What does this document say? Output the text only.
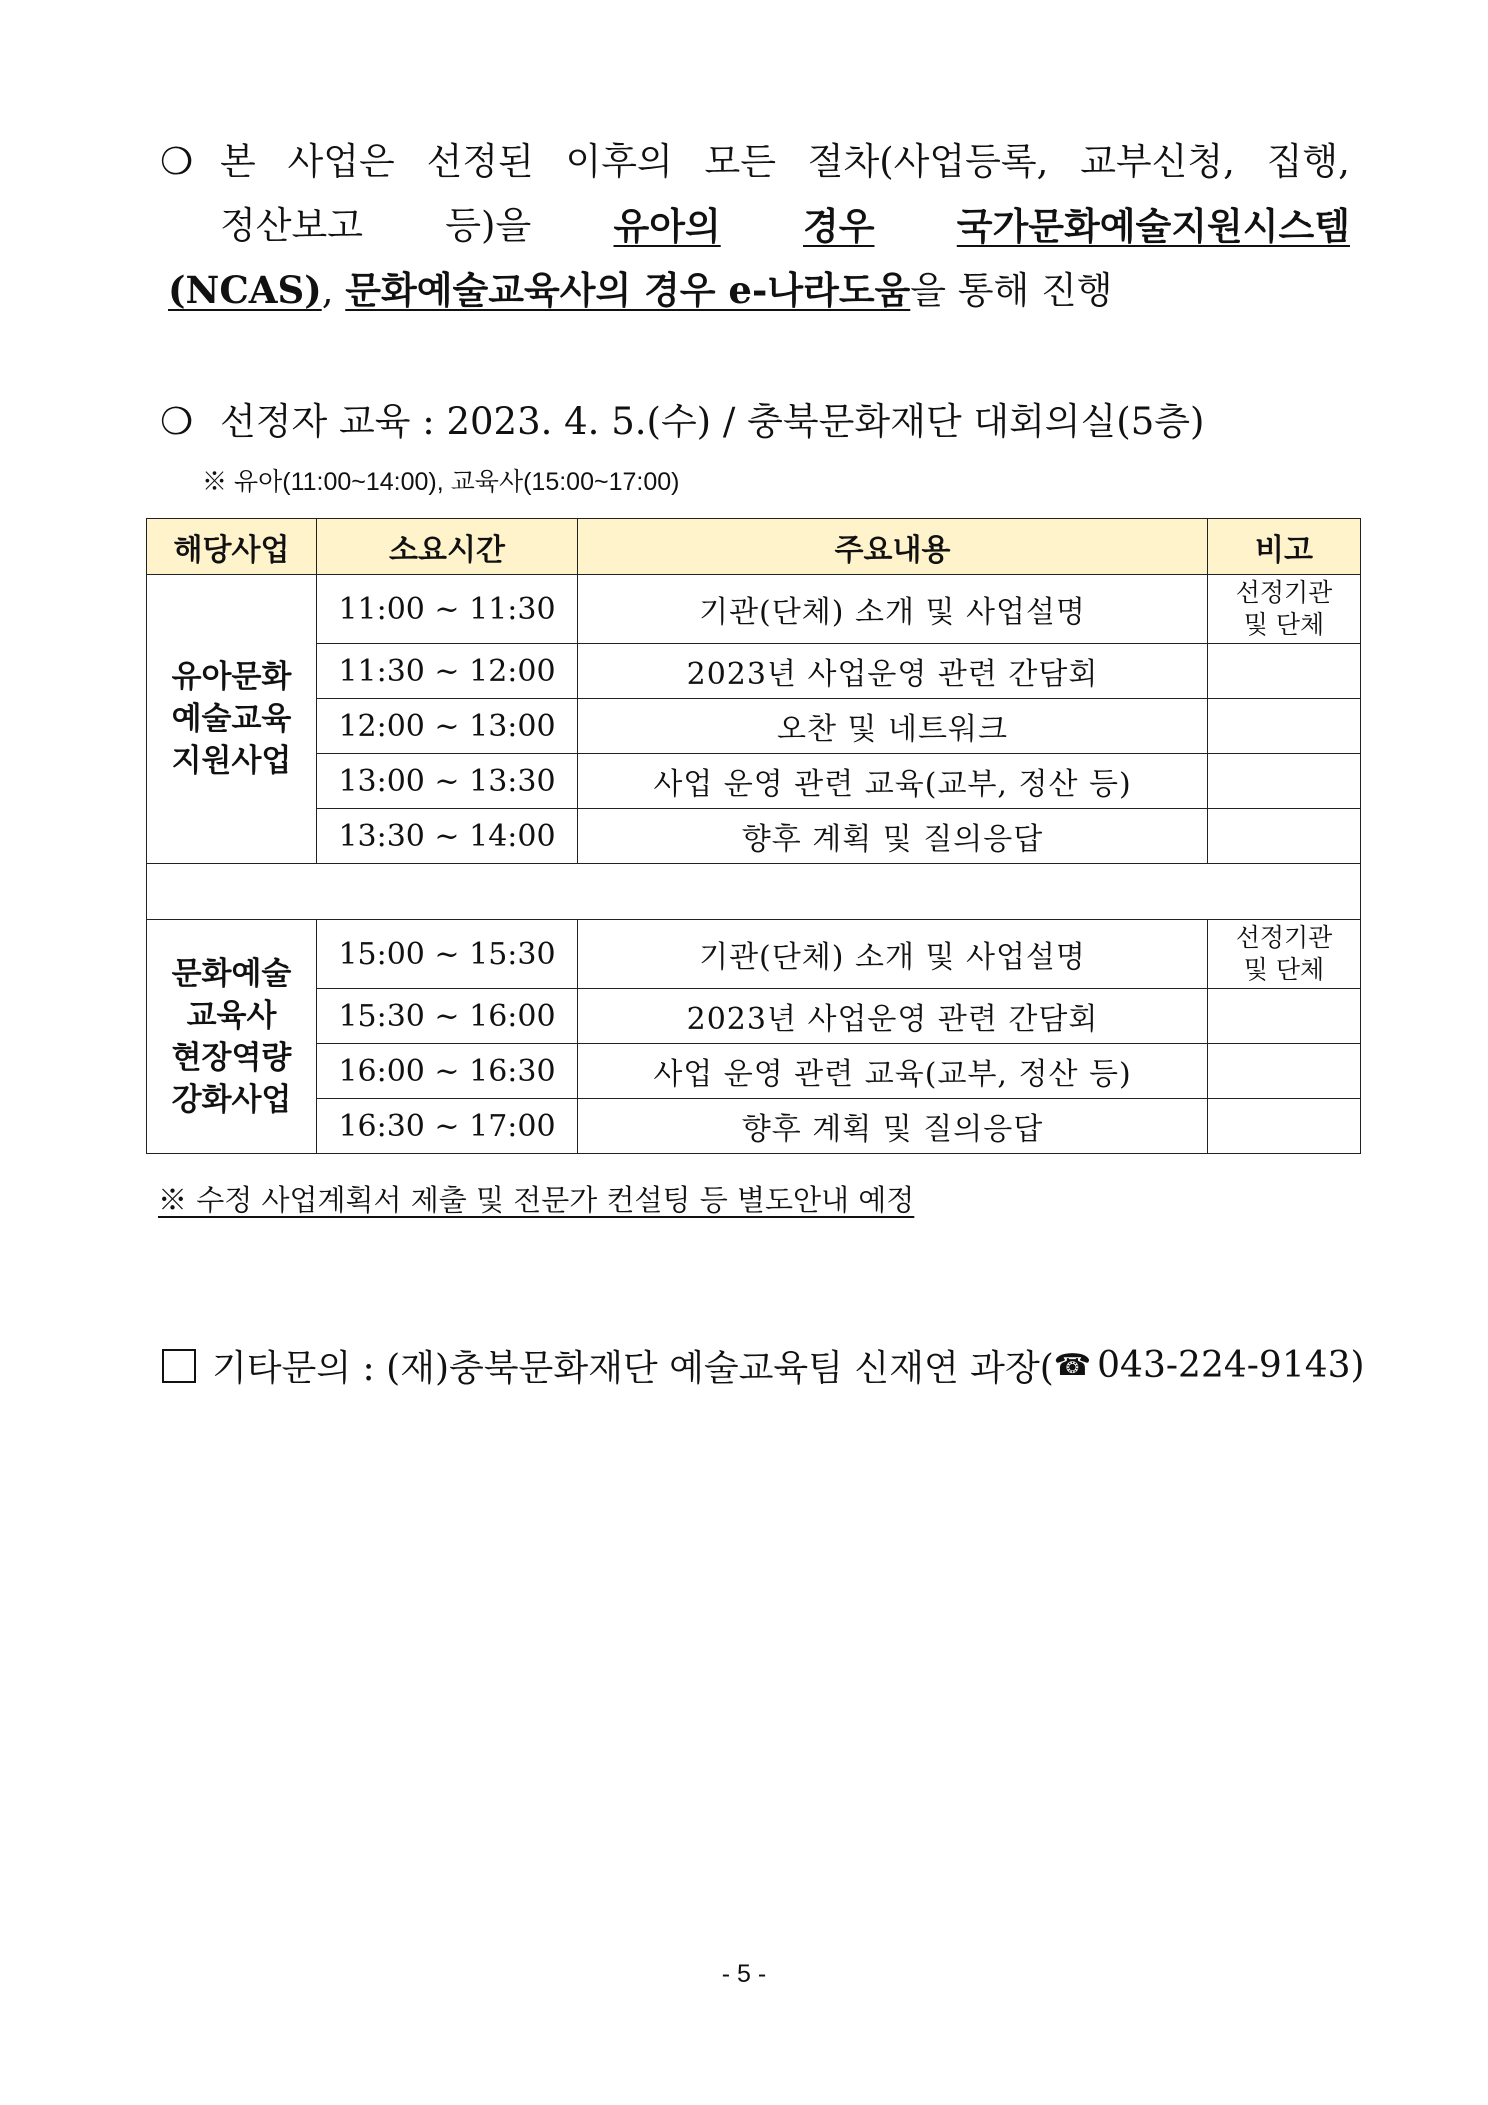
❍ 본 사업은 선정된 이후의 모든 절차(사업등록, 교부신청, 집행,
정산보고 등)을 유아의 경우 국가문화예술지원시스템
(NCAS), 문화예술교육사의 경우 e-나라도움을 통해 진행
❍ 선정자 교육 : 2023. 4. 5.(수) / 충북문화재단 대회의실(5층)
※ 유아(11:00~14:00), 교육사(15:00~17:00)
해당사업	소요시간	주요내용	비고
유아문화
예술교육
지원사업	11:00 ~ 11:30	기관(단체) 소개 및 사업설명	선정기관
및 단체
	11:30 ~ 12:00	2023년 사업운영 관련 간담회	
	12:00 ~ 13:00	오찬 및 네트워크	
	13:00 ~ 13:30	사업 운영 관련 교육(교부, 정산 등)	
	13:30 ~ 14:00	향후 계획 및 질의응답	

문화예술
교육사
현장역량
강화사업	15:00 ~ 15:30	기관(단체) 소개 및 사업설명	선정기관
및 단체
	15:30 ~ 16:00	2023년 사업운영 관련 간담회	
	16:00 ~ 16:30	사업 운영 관련 교육(교부, 정산 등)	
	16:30 ~ 17:00	향후 계획 및 질의응답	
※ 수정 사업계획서 제출 및 전문가 컨설팅 등 별도안내 예정
기타문의 : (재)충북문화재단 예술교육팀 신재연 과장( ☎ 043-224-9143)
- 5 -
